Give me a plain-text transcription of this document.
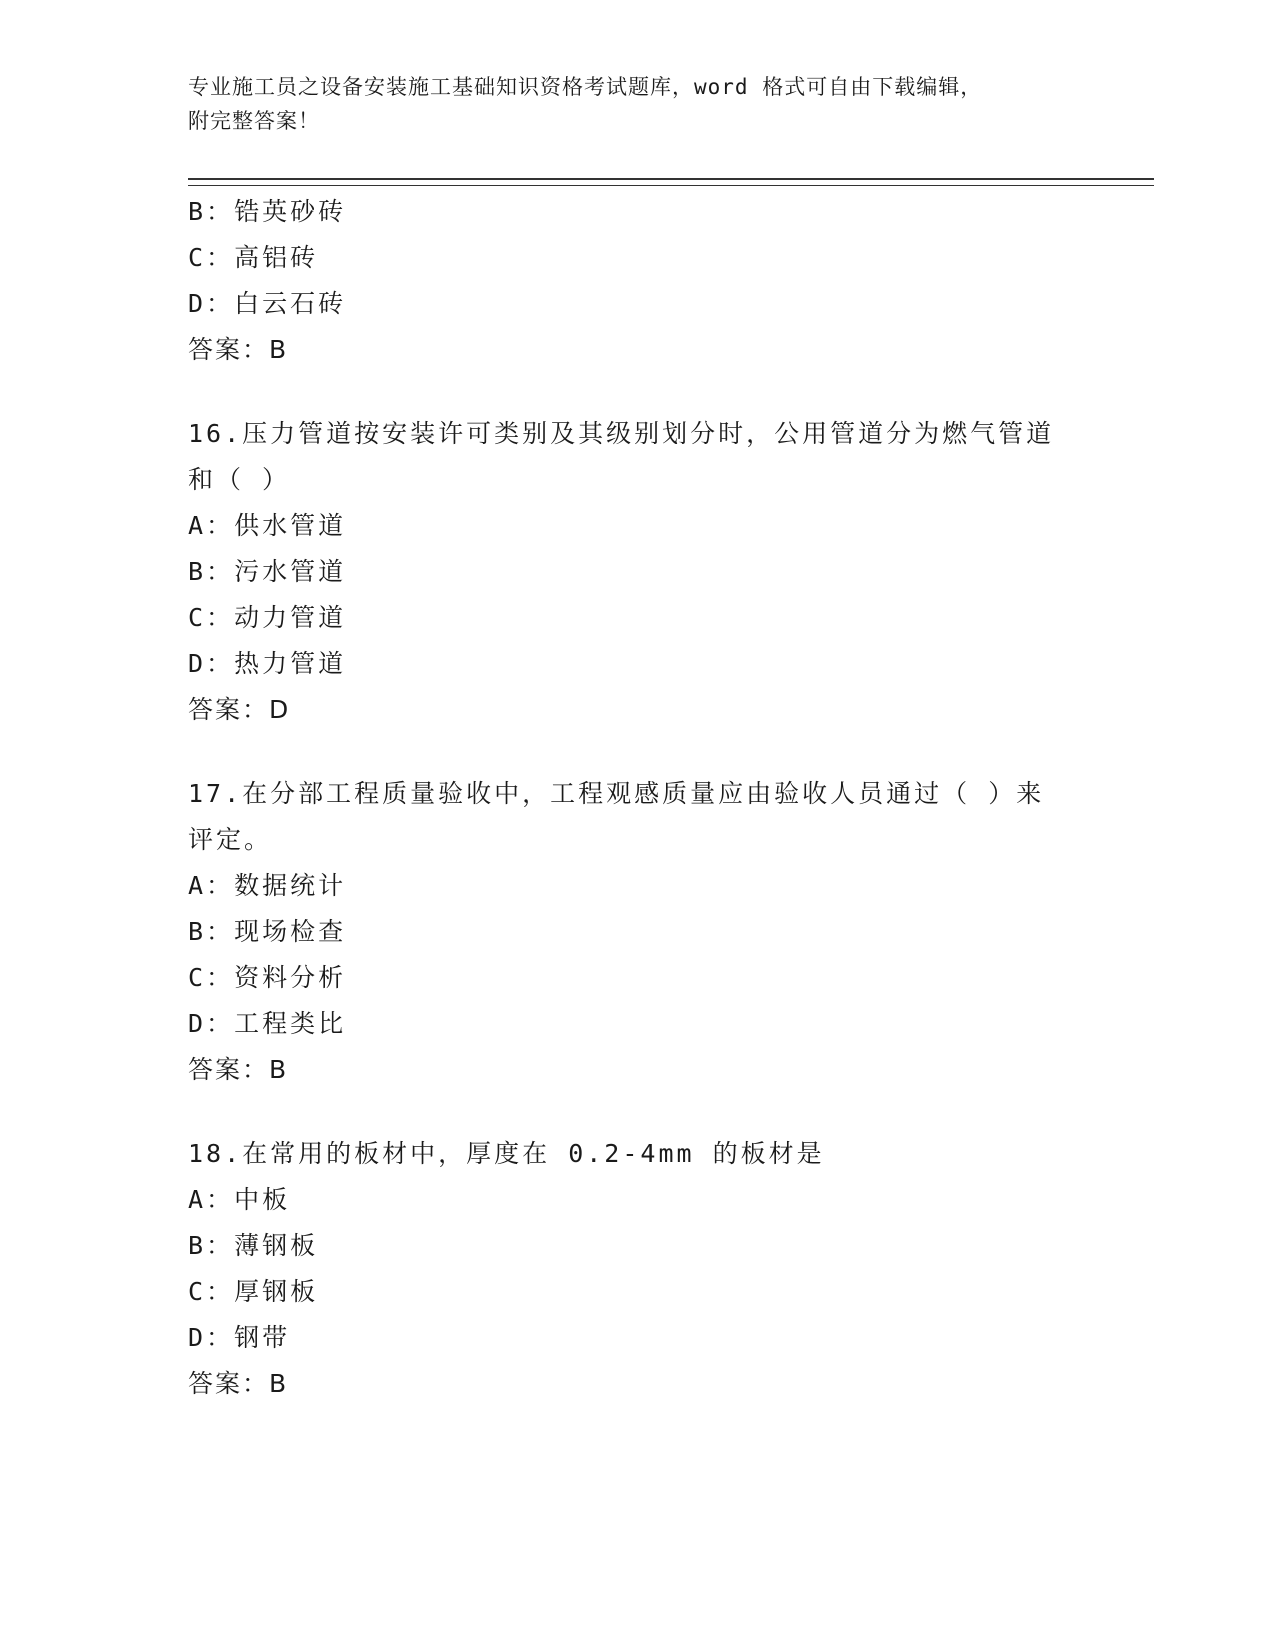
专业施工员之设备安装施工基础知识资格考试题库，word 格式可自由下载编辑，
附完整答案！
B：锆英砂砖
C：高铝砖
D：白云石砖
答案：B
16.压力管道按安装许可类别及其级别划分时，公用管道分为燃气管道
和（ ）
A：供水管道
B：污水管道
C：动力管道
D：热力管道
答案：D
17.在分部工程质量验收中，工程观感质量应由验收人员通过（ ）来
评定。
A：数据统计
B：现场检查
C：资料分析
D：工程类比
答案：B
18.在常用的板材中，厚度在 0.2-4mm 的板材是
A：中板
B：薄钢板
C：厚钢板
D：钢带
答案：B
